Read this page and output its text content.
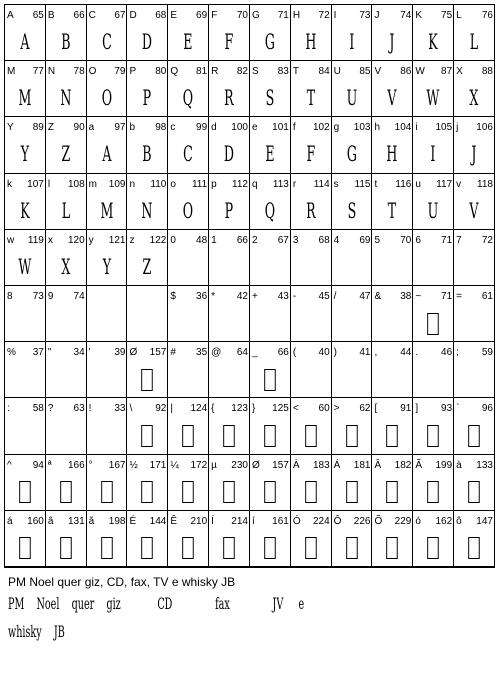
A 65
A
B 66
B
C 67
C
D 68
D
E 69
E
F 70
F
G 71
G
H 72
H
I 73
I
J 74
J
K 75
K
L 76
L
M 77
M
N 78
N
O 79
O
P 80
P
Q 81
Q
R 82
R
S 83
S
T 84
T
U 85
U
V 86
V
W 87
W
X 88
X
Y 89
Y
Z 90
Z
a 97
A
b 98
B
c 99
C
d 100
D
e 101
E
f 102
F
g 103
G
h 104
H
i 105
I
j 106
J
k 107
K
l 108
L
m 109
M
n 110
N
o 111
O
p 112
P
q 113
Q
r 114
R
s 115
S
t 116
T
u 117
U
v 118
V
w 119
W
x 120
X
y 121
Y
z 122
Z
0 48 1 66 2 67 3 68 4 69 5 70 6 71 7 72
8 73 9 74	$ 36 * 42 + 43 - 45 / 47 & 38 ~ 71 = 61
% 37 " 34 ' 39 Ø 157 # 35 @ 64 _ 66 ( 40 ) 41 , 44 . 46 ; 59
: 58 ? 63 ! 33 \ 92 | 124 { 123 } 125 < 60 > 62 [ 91 ] 93 ` 96
^ 94 ª 166 ° 167 ½ 171 ¼ 172 µ 230 Ø 157 À 183 Á 181 Â 182 Ã 199 à 133
á 160 â 131 ã 198 É 144 Ê 210 Í 214 í 161 Ó 224 Ô 226 Õ 229 ó 162 ô 147
PM Noel quer giz, CD, fax, TV e whisky JB
PM    Noel    quer    giz            CD              fax              JV     e
whisky    JB
